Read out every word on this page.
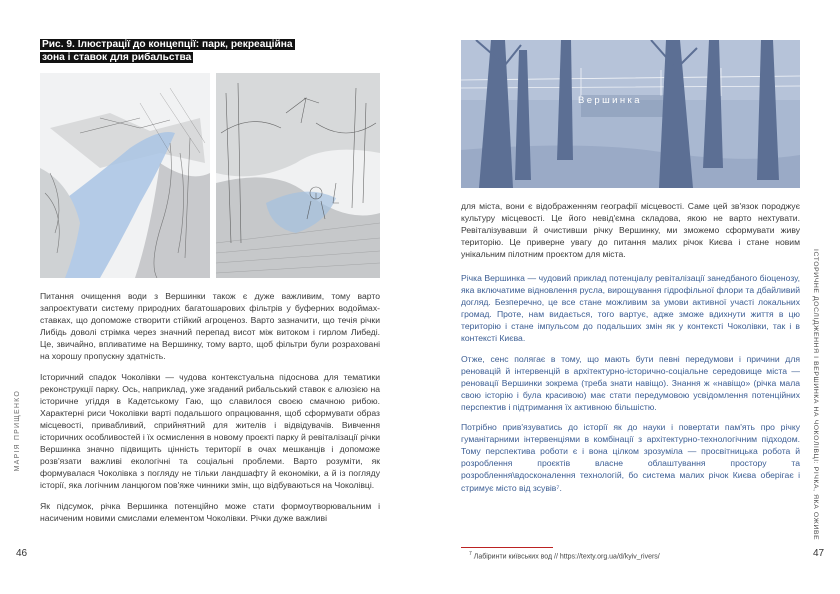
Рис. 9. Ілюстрації до концепції: парк, рекреаційна зона і ставок для рибальства

Питання очищення води з Вершинки також є дуже важливим, тому варто запроєктувати систему природних багатошарових фільтрів у буферних водоймах-ставках, що допоможе створити стійкий агроценоз. Варто зазначити, що течія річки Либідь доволі стрімка через значний перепад висот між витоком і гирлом Либеді. Це, звичайно, впливатиме на Вершинку, тому варто, щоб фільтри були розраховані на хорошу пропускну здатність.

Історичний спадок Чоколівки — чудова контекстуальна підоснова для тематики реконструкції парку. Ось, наприклад, уже згаданий рибальський ставок є алюзією на історичне угіддя в Кадетському Гаю, що славилося своєю смачною рибою. Характерні риси Чоколівки варті подальшого опрацювання, щоб сформувати образ місцевості, привабливий, сприйнятний для жителів і відвідувачів. Вивчення історичних особливостей і їх осмислення в новому проєкті парку й ревіталізації річки Вершинка значно підвищить цінність території в очах мешканців і допоможе розв'язати важливі екологічні та соціальні проблеми. Варто розуміти, як формувалася Чоколівка з погляду не тільки ландшафту й економіки, а й із погляду історії, яка логічним ланцюгом пов'яже чинники змін, що відбуваються на Чоколівці.

Як підсумок, річка Вершинка потенційно може стати формоутворювальним і насиченим новими смислами елементом Чоколівки. Річки дуже важливі

МАРІЯ ПРИЩЕНКО
46
Вершинка

для міста, вони є відображенням географії місцевості. Саме цей зв'язок породжує культуру місцевості. Це його невід'ємна складова, якою не варто нехтувати. Ревіталізувавши й очистивши річку Вершинку, ми зможемо сформувати живу територію. Це приверне увагу до питання малих річок Києва і стане новим унікальним пілотним проєктом для міста.

Річка Вершинка — чудовий приклад потенціалу ревіталізації занедбаного біоценозу, яка включатиме відновлення русла, вирощування гідрофільної флори та дбайливий догляд. Безперечно, це все стане можливим за умови активної участі локальних громад. Проте, нам видається, того вартує, адже зможе вдихнути життя в цю територію і стане імпульсом до подальших змін як у контексті Чоколівки, так і в контексті Києва.

Отже, сенс полягає в тому, що мають бути певні передумови і причини для реновацій й інтервенцій в архітектурно-історично-соціальне середовище міста — реновації Вершинки зокрема (треба знати навіщо). Знання ж «навіщо» (річка мала свою історію і була красивою) має стати передумовою усвідомлення потенційних перспектив і підтримання їх активною більшістю.

Потрібно прив'язуватись до історії як до науки і повертати пам'ять про річку гуманітарними інтервенціями в комбінації з архітектурно-технологічним підходом. Тому перспектива роботи є і вона цілком зрозуміла — просвітницька робота й розроблення проєктів власне облаштування простору та розроблення\вдосконалення технологій, бо система малих річок Києва оберігає і стримує місто від зсувів⁷.

$^7$ Лабіринти київських вод // https://texty.org.ua/d/kyiv_rivers/
ІСТОРИЧНЕ ДОСЛІДЖЕННЯ І ВЕРШИНКА НА ЧОКОЛІВЦІ: РІЧКА, ЯКА ОЖИВЕ
47
